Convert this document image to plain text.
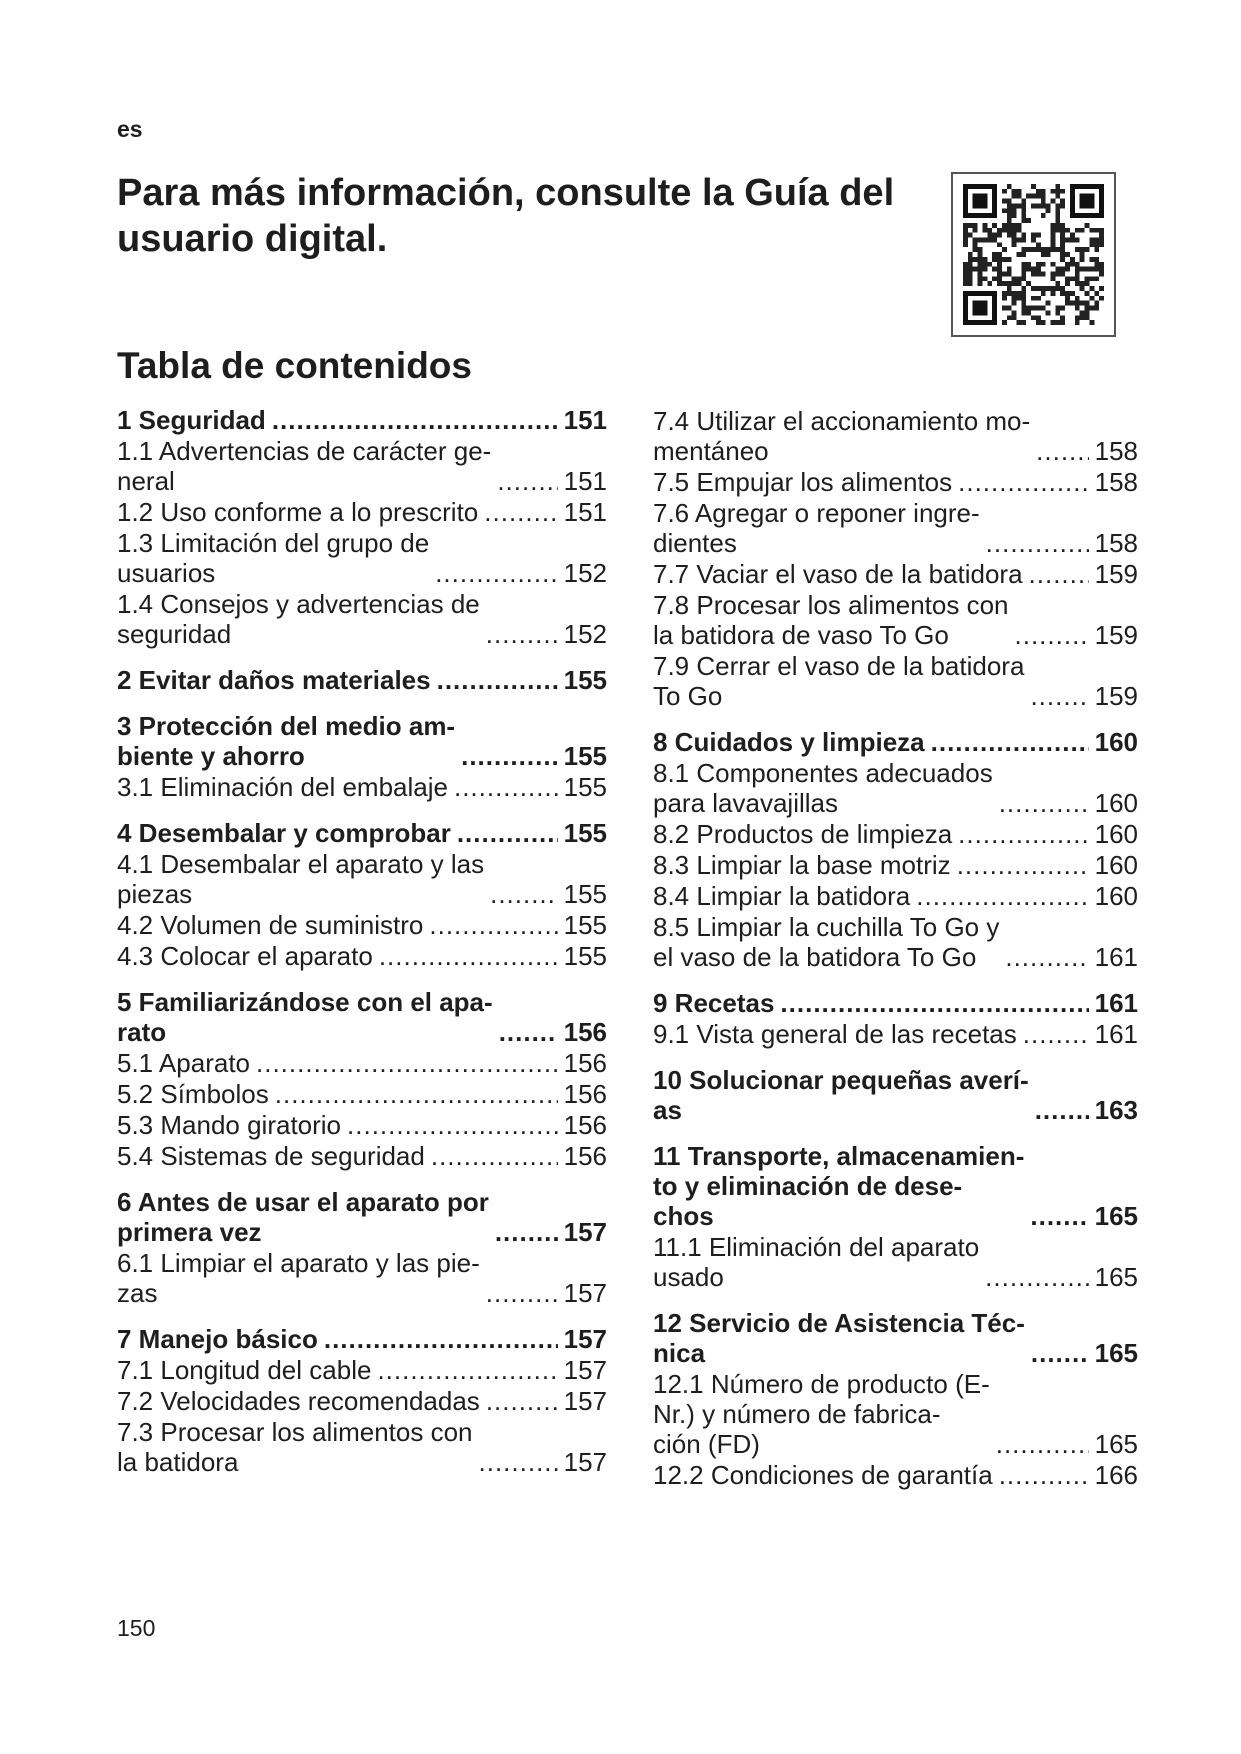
es
Para más información, consulte la Guía del usuario digital.
Tabla de contenidos
1 Seguridad .....	151
1.1 Advertencias de carácter ge-
neral .....	151
1.2 Uso conforme a lo prescrito .....	151
1.3 Limitación del grupo de
usuarios .....	152
1.4 Consejos y advertencias de
seguridad .....	152
2 Evitar daños materiales .....	155
3 Protección del medio am-
biente y ahorro .....	155
3.1 Eliminación del embalaje .....	155
4 Desembalar y comprobar .....	155
4.1 Desembalar el aparato y las
piezas .....	155
4.2 Volumen de suministro .....	155
4.3 Colocar el aparato .....	155
5 Familiarizándose con el apa-
rato .....	156
5.1 Aparato .....	156
5.2 Símbolos .....	156
5.3 Mando giratorio .....	156
5.4 Sistemas de seguridad .....	156
6 Antes de usar el aparato por
primera vez .....	157
6.1 Limpiar el aparato y las pie-
zas .....	157
7 Manejo básico .....	157
7.1 Longitud del cable .....	157
7.2 Velocidades recomendadas .....	157
7.3 Procesar los alimentos con
la batidora .....	157
7.4 Utilizar el accionamiento mo-
mentáneo .....	158
7.5 Empujar los alimentos .....	158
7.6 Agregar o reponer ingre-
dientes .....	158
7.7 Vaciar el vaso de la batidora .....	159
7.8 Procesar los alimentos con
la batidora de vaso To Go .....	159
7.9 Cerrar el vaso de la batidora
To Go .....	159
8 Cuidados y limpieza .....	160
8.1 Componentes adecuados
para lavavajillas .....	160
8.2 Productos de limpieza .....	160
8.3 Limpiar la base motriz .....	160
8.4 Limpiar la batidora .....	160
8.5 Limpiar la cuchilla To Go y
el vaso de la batidora To Go .....	161
9 Recetas .....	161
9.1 Vista general de las recetas .....	161
10 Solucionar pequeñas averí-
as .....	163
11 Transporte, almacenamien-
to y eliminación de dese-
chos .....	165
11.1 Eliminación del aparato
usado .....	165
12 Servicio de Asistencia Téc-
nica .....	165
12.1 Número de producto (E-
Nr.) y número de fabrica-
ción (FD) .....	165
12.2 Condiciones de garantía .....	166
150
